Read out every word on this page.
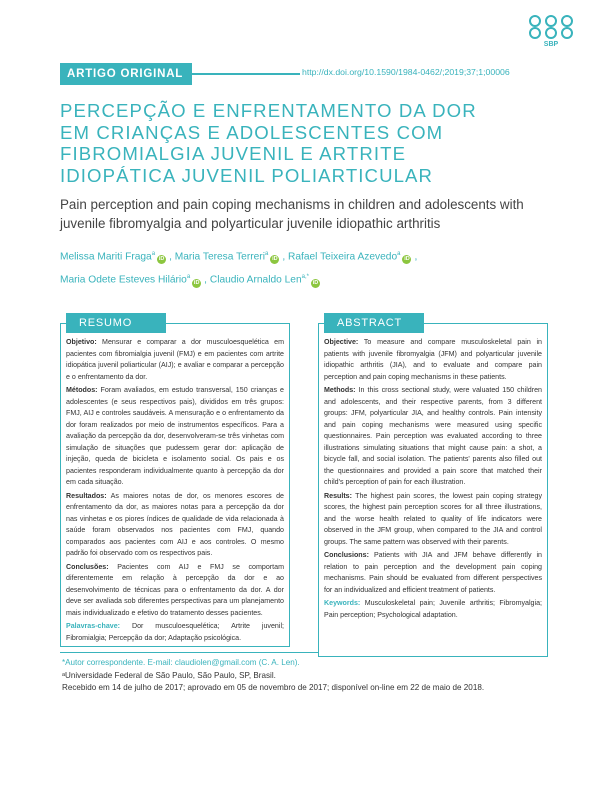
SBP
ARTIGO ORIGINAL	http://dx.doi.org/10.1590/1984-0462/;2019;37;1;00006
PERCEPÇÃO E ENFRENTAMENTO DA DOR EM CRIANÇAS E ADOLESCENTES COM FIBROMIALGIA JUVENIL E ARTRITE IDIOPÁTICA JUVENIL POLIARTICULAR
Pain perception and pain coping mechanisms in children and adolescents with juvenile fibromyalgia and polyarticular juvenile idiopathic arthritis
Melissa Mariti Fraga$^a$iD , Maria Teresa Terreri$^a$iD , Rafael Teixeira Azevedo$^a$iD ,
Maria Odete Esteves Hilário$^a$iD , Claudio Arnaldo Len$^{a,*}$iD
RESUMO

Objetivo: Mensurar e comparar a dor musculoesquelética em pacientes com fibromialgia juvenil (FMJ) e em pacientes com artrite idiopática juvenil poliarticular (AIJ); e avaliar e comparar a percepção e o enfrentamento da dor.

Métodos: Foram avaliados, em estudo transversal, 150 crianças e adolescentes (e seus respectivos pais), divididos em três grupos: FMJ, AIJ e controles saudáveis. A mensuração e o enfrentamento da dor foram realizados por meio de instrumentos específicos. Para a avaliação da percepção da dor, desenvolveram-se três vinhetas com simulação de situações que pudessem gerar dor: aplicação de injeção, queda de bicicleta e isolamento social. Os pais e os pacientes responderam individualmente quanto à percepção da dor em cada situação.

Resultados: As maiores notas de dor, os menores escores de enfrentamento da dor, as maiores notas para a percepção da dor nas vinhetas e os piores índices de qualidade de vida relacionada à saúde foram observados nos pacientes com FMJ, quando comparados aos pacientes com AIJ e aos controles. O mesmo padrão foi observado com os respectivos pais.

Conclusões: Pacientes com AIJ e FMJ se comportam diferentemente em relação à percepção da dor e ao desenvolvimento de técnicas para o enfrentamento da dor. A dor deve ser avaliada sob diferentes perspectivas para um planejamento mais individualizado e efetivo do tratamento desses pacientes.

Palavras-chave: Dor musculoesquelética; Artrite juvenil; Fibromialgia; Percepção da dor; Adaptação psicológica.

ABSTRACT

Objective: To measure and compare musculoskeletal pain in patients with juvenile fibromyalgia (JFM) and polyarticular juvenile idiopathic arthritis (JIA), and to evaluate and compare pain perception and pain coping mechanisms in these patients.

Methods: In this cross sectional study, were valuated 150 children and adolescents, and their respective parents, from 3 different groups: JFM, polyarticular JIA, and healthy controls. Pain intensity and pain coping mechanisms were measured using specific questionnaires. Pain perception was evaluated according to three illustrations simulating situations that might cause pain: a shot, a bicycle fall, and social isolation. The patients' parents also filled out the questionnaires and provided a pain score that matched their child's perception of pain for each illustration.

Results: The highest pain scores, the lowest pain coping strategy scores, the highest pain perception scores for all three illustrations, and the worse health related to quality of life indicators were observed in the JFM group, when compared to the JIA and control groups. The same pattern was observed with their parents.

Conclusions: Patients with JIA and JFM behave differently in relation to pain perception and the development pain coping mechanisms. Pain should be evaluated from different perspectives for an individualized and efficient treatment of patients.

Keywords: Musculoskeletal pain; Juvenile arthritis; Fibromyalgia; Pain perception; Psychological adaptation.

*Autor correspondente. E-mail: claudiolen@gmail.com (C. A. Len).
ᵃUniversidade Federal de São Paulo, São Paulo, SP, Brasil.
Recebido em 14 de julho de 2017; aprovado em 05 de novembro de 2017; disponível on-line em 22 de maio de 2018.
